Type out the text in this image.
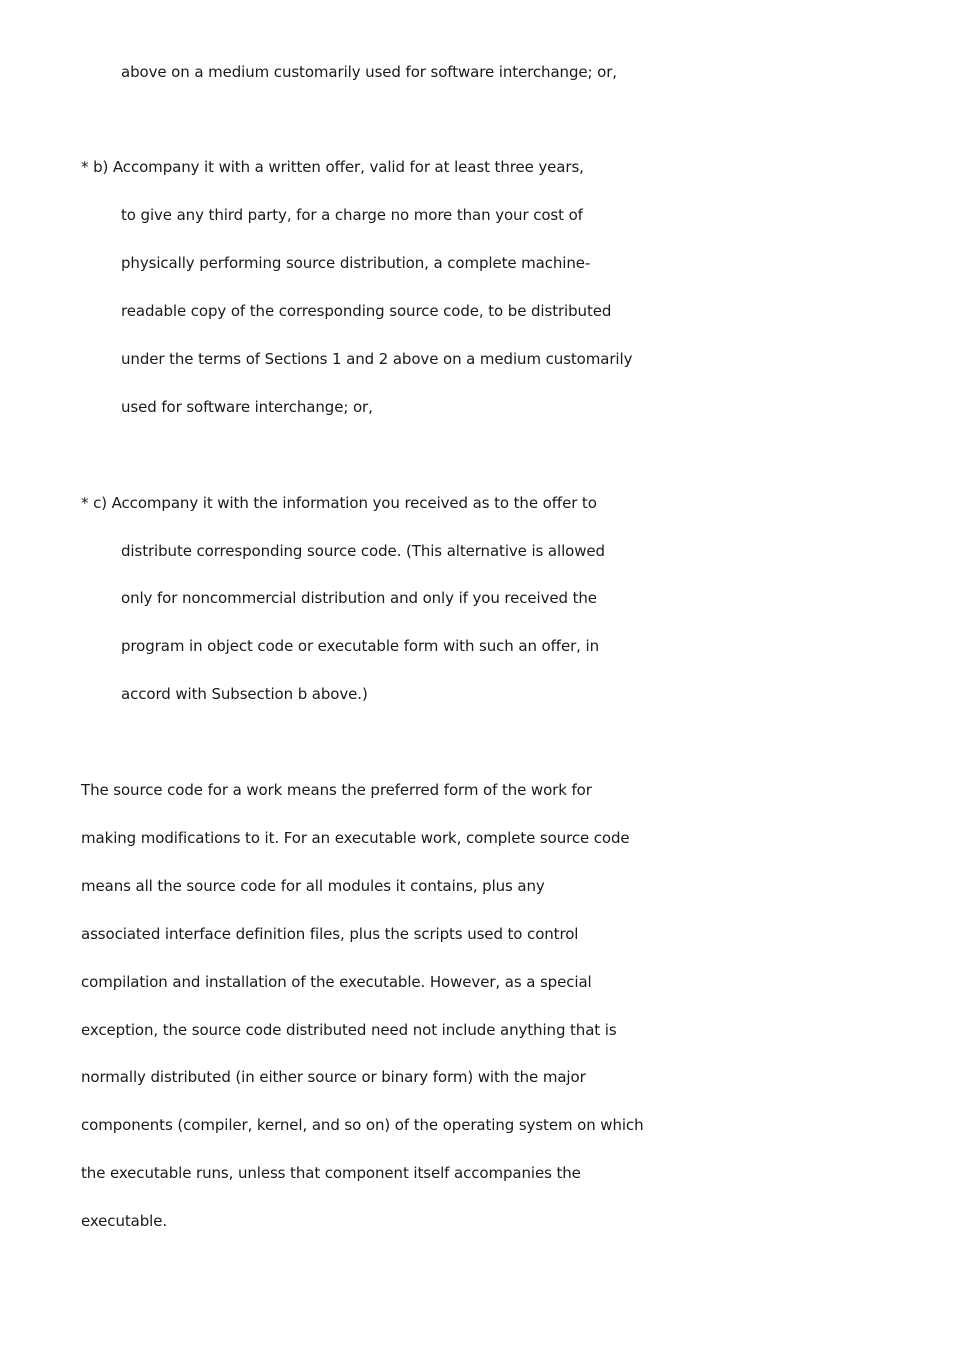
above on a medium customarily used for software interchange; or,
* b) Accompany it with a written offer, valid for at least three years,
to give any third party, for a charge no more than your cost of
physically performing source distribution, a complete machine-
readable copy of the corresponding source code, to be distributed
under the terms of Sections 1 and 2 above on a medium customarily
used for software interchange; or,
* c) Accompany it with the information you received as to the offer to
distribute corresponding source code. (This alternative is allowed
only for noncommercial distribution and only if you received the
program in object code or executable form with such an offer, in
accord with Subsection b above.)
The source code for a work means the preferred form of the work for
making modifications to it. For an executable work, complete source code
means all the source code for all modules it contains, plus any
associated interface definition files, plus the scripts used to control
compilation and installation of the executable. However, as a special
exception, the source code distributed need not include anything that is
normally distributed (in either source or binary form) with the major
components (compiler, kernel, and so on) of the operating system on which
the executable runs, unless that component itself accompanies the
executable.
